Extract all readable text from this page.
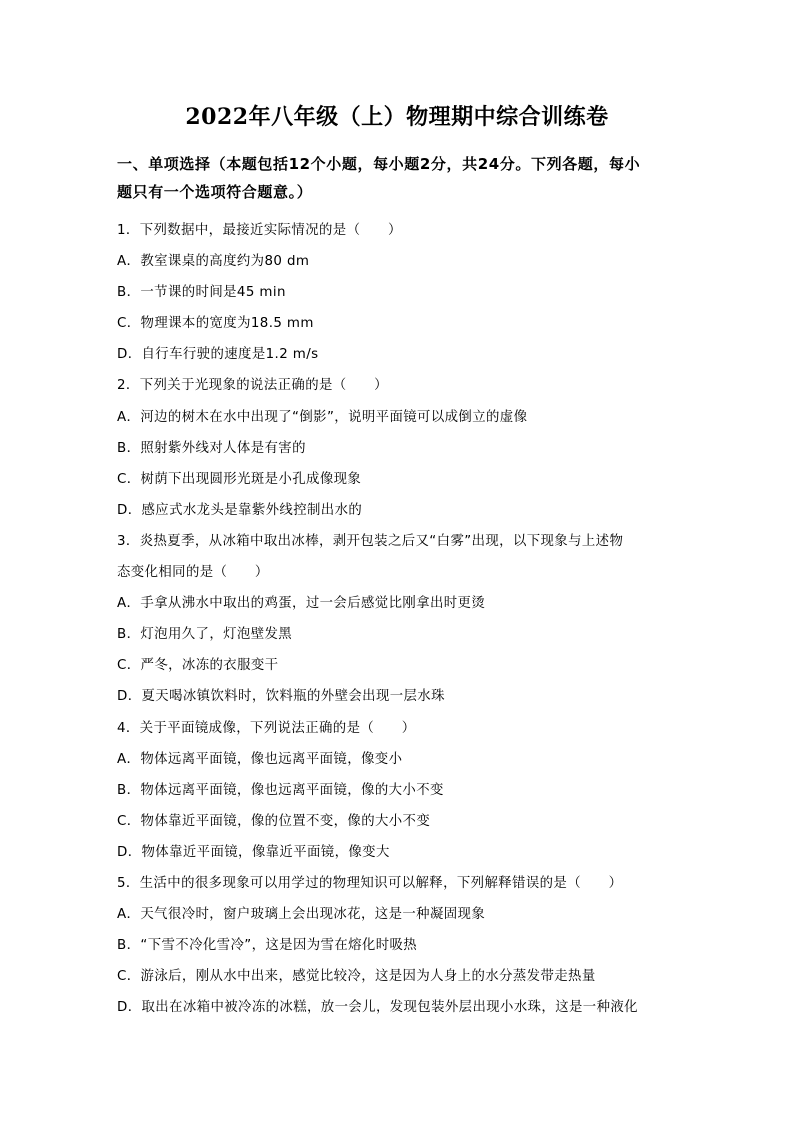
2022年八年级（上）物理期中综合训练卷
一、单项选择（本题包括12个小题，每小题2分，共24分。下列各题，每小
题只有一个选项符合题意。）
1．下列数据中，最接近实际情况的是（　　）
A．教室课桌的高度约为80 dm
B．一节课的时间是45 min
C．物理课本的宽度为18.5 mm
D．自行车行驶的速度是1.2 m/s
2．下列关于光现象的说法正确的是（　　）
A．河边的树木在水中出现了“倒影”，说明平面镜可以成倒立的虚像
B．照射紫外线对人体是有害的
C．树荫下出现圆形光斑是小孔成像现象
D．感应式水龙头是靠紫外线控制出水的
3．炎热夏季，从冰箱中取出冰棒，剥开包装之后又“白雾”出现，以下现象与上述物
态变化相同的是（　　）
A．手拿从沸水中取出的鸡蛋，过一会后感觉比刚拿出时更烫
B．灯泡用久了，灯泡壁发黑
C．严冬，冰冻的衣服变干
D．夏天喝冰镇饮料时，饮料瓶的外壁会出现一层水珠
4．关于平面镜成像，下列说法正确的是（　　）
A．物体远离平面镜，像也远离平面镜，像变小
B．物体远离平面镜，像也远离平面镜，像的大小不变
C．物体靠近平面镜，像的位置不变，像的大小不变
D．物体靠近平面镜，像靠近平面镜，像变大
5．生活中的很多现象可以用学过的物理知识可以解释，下列解释错误的是（　　）
A．天气很冷时，窗户玻璃上会出现冰花，这是一种凝固现象
B．“下雪不冷化雪冷”，这是因为雪在熔化时吸热
C．游泳后，刚从水中出来，感觉比较冷，这是因为人身上的水分蒸发带走热量
D．取出在冰箱中被冷冻的冰糕，放一会儿，发现包装外层出现小水珠，这是一种液化
